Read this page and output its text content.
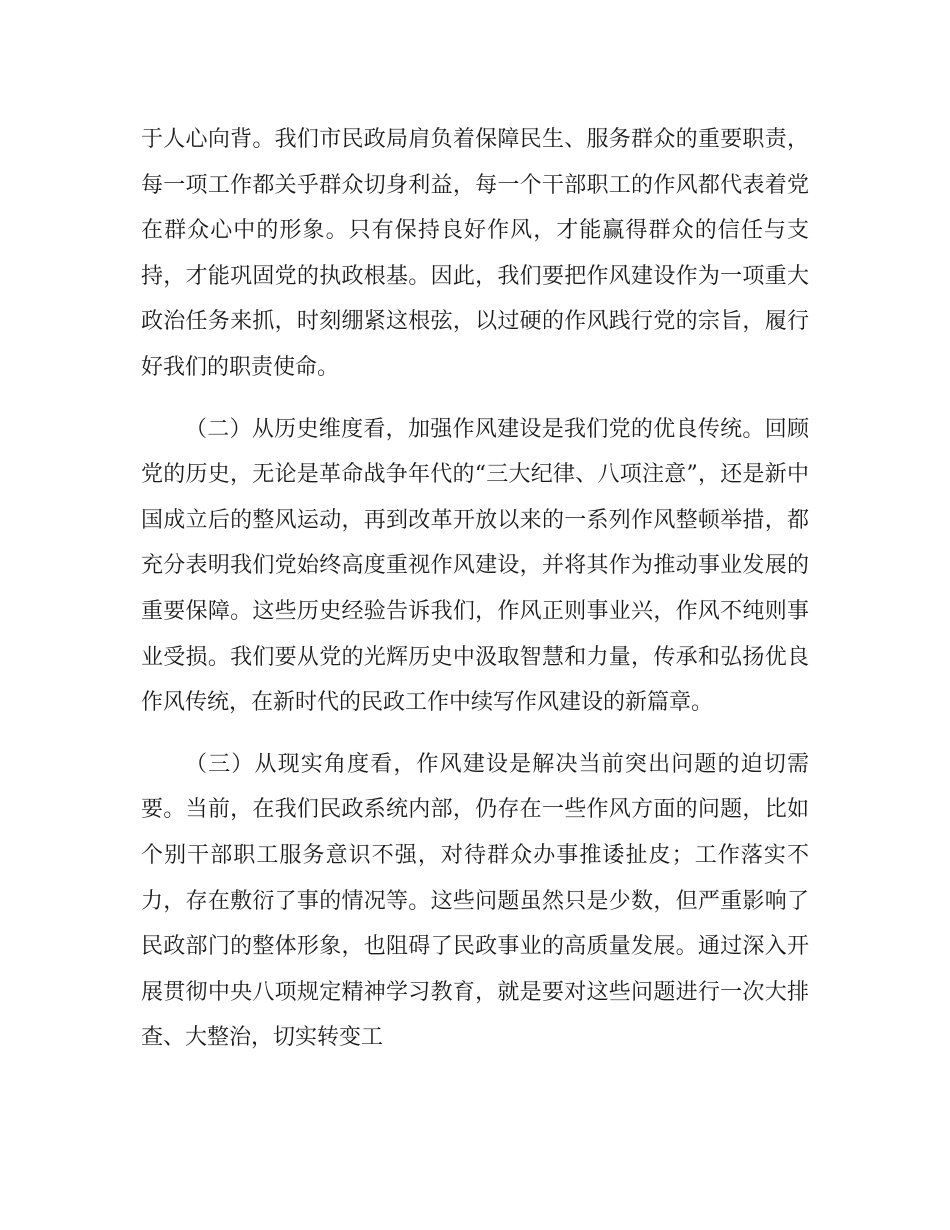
于人心向背。我们市民政局肩负着保障民生、服务群众的重要职责，每一项工作都关乎群众切身利益，每一个干部职工的作风都代表着党在群众心中的形象。只有保持良好作风，才能赢得群众的信任与支持，才能巩固党的执政根基。因此，我们要把作风建设作为一项重大政治任务来抓，时刻绷紧这根弦，以过硬的作风践行党的宗旨，履行好我们的职责使命。

（二）从历史维度看，加强作风建设是我们党的优良传统。回顾党的历史，无论是革命战争年代的“三大纪律、八项注意”，还是新中国成立后的整风运动，再到改革开放以来的一系列作风整顿举措，都充分表明我们党始终高度重视作风建设，并将其作为推动事业发展的重要保障。这些历史经验告诉我们，作风正则事业兴，作风不纯则事业受损。我们要从党的光辉历史中汲取智慧和力量，传承和弘扬优良作风传统，在新时代的民政工作中续写作风建设的新篇章。

（三）从现实角度看，作风建设是解决当前突出问题的迫切需要。当前，在我们民政系统内部，仍存在一些作风方面的问题，比如个别干部职工服务意识不强，对待群众办事推诿扯皮；工作落实不力，存在敷衍了事的情况等。这些问题虽然只是少数，但严重影响了民政部门的整体形象，也阻碍了民政事业的高质量发展。通过深入开展贯彻中央八项规定精神学习教育，就是要对这些问题进行一次大排查、大整治，切实转变工
